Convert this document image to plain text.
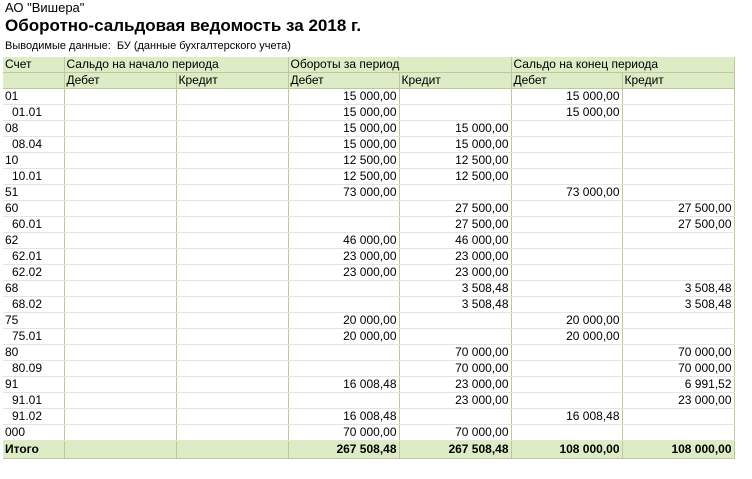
АО "Вишера"
Оборотно-сальдовая ведомость за 2018 г.
Выводимые данные: БУ (данные бухгалтерского учета)
Счет	Сальдо на начало периода		Обороты за период		Сальдо на конец периода	
	Дебет	Кредит	Дебет	Кредит	Дебет	Кредит
01			15 000,00		15 000,00	
01.01			15 000,00		15 000,00	
08			15 000,00	15 000,00		
08.04			15 000,00	15 000,00		
10			12 500,00	12 500,00		
10.01			12 500,00	12 500,00		
51			73 000,00		73 000,00	
60				27 500,00		27 500,00
60.01				27 500,00		27 500,00
62			46 000,00	46 000,00		
62.01			23 000,00	23 000,00		
62.02			23 000,00	23 000,00		
68				3 508,48		3 508,48
68.02				3 508,48		3 508,48
75			20 000,00		20 000,00	
75.01			20 000,00		20 000,00	
80				70 000,00		70 000,00
80.09				70 000,00		70 000,00
91			16 008,48	23 000,00		6 991,52
91.01				23 000,00		23 000,00
91.02			16 008,48		16 008,48	
000			70 000,00	70 000,00		
Итого			267 508,48	267 508,48	108 000,00	108 000,00
